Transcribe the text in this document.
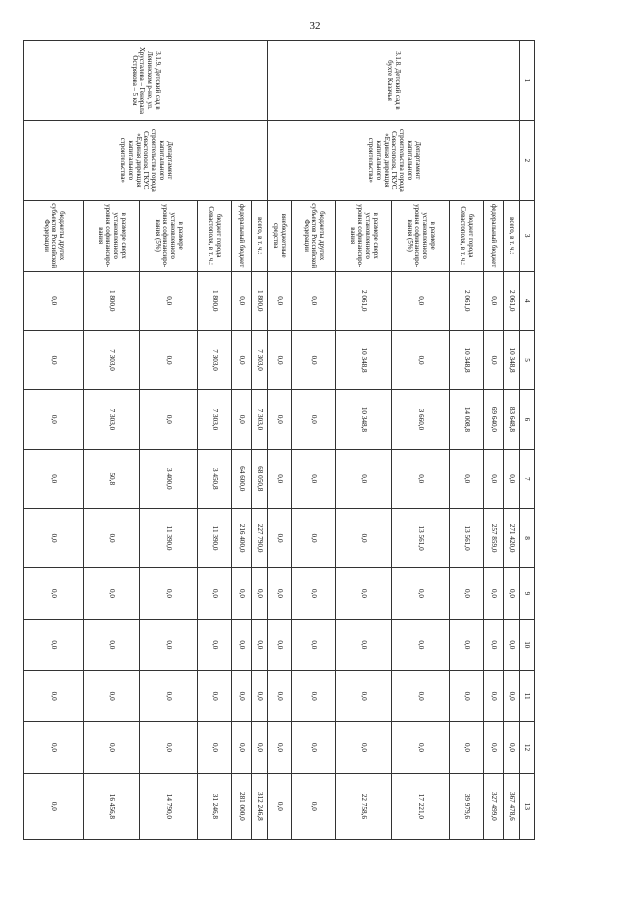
32
1	2	3	4	5	6	7	8	9	10	11	12	13
3.1.8. Детский сад в бухте Казачья	Департамент капитального строительства города Севастополя, ГКУС «Единая дирекция капитального строительства»	всего, в т. ч.:	2 061,0	10 348,8	83 648,8	0,0	271 420,0	0,0	0,0	0,0	0,0	367 478,6
		федеральный бюджет	0,0	0,0	69 640,0	0,0	257 859,0	0,0	0,0	0,0	0,0	327 499,0
		бюджет города Севастополя, в т. ч.:	2 061,0	10 348,8	14 008,8	0,0	13 561,0	0,0	0,0	0,0	0,0	39 979,6
		в размере установленного уровня софинансиро-вания (5%)	0,0	0,0	3 660,0	0,0	13 561,0	0,0	0,0	0,0	0,0	17 221,0
		в размере сверх установленного уровня софинансиро-вания	2 061,0	10 348,8	10 348,8	0,0	0,0	0,0	0,0	0,0	0,0	22 758,6
		бюджеты других субъектов Российской Федерации	0,0	0,0	0,0	0,0	0,0	0,0	0,0	0,0	0,0	0,0
		внебюджетные средства	0,0	0,0	0,0	0,0	0,0	0,0	0,0	0,0	0,0	0,0
3.1.9. Детский сад в Ленинском р-не, ул. Хрусталева – Генерала Острякова – 5 км	Департамент капитального строительства города Севастополя, ГКУС «Единая дирекция капитального строительства»	всего, в т. ч.:	1 800,0	7 303,0	7 303,0	68 050,8	227 790,0	0,0	0,0	0,0	0,0	312 246,8
		федеральный бюджет	0,0	0,0	0,0	64 600,0	216 400,0	0,0	0,0	0,0	0,0	281 000,0
		бюджет города Севастополя, в т. ч.:	1 800,0	7 303,0	7 303,0	3 450,8	11 390,0	0,0	0,0	0,0	0,0	31 246,8
		в размере установленного уровня софинансиро-вания (5%)	0,0	0,0	0,0	3 400,0	11 390,0	0,0	0,0	0,0	0,0	14 790,0
		в размере сверх установленного уровня софинансиро-вания	1 800,0	7 303,0	7 303,0	50,8	0,0	0,0	0,0	0,0	0,0	16 456,8
		бюджеты других субъектов Российской Федерации	0,0	0,0	0,0	0,0	0,0	0,0	0,0	0,0	0,0	0,0
